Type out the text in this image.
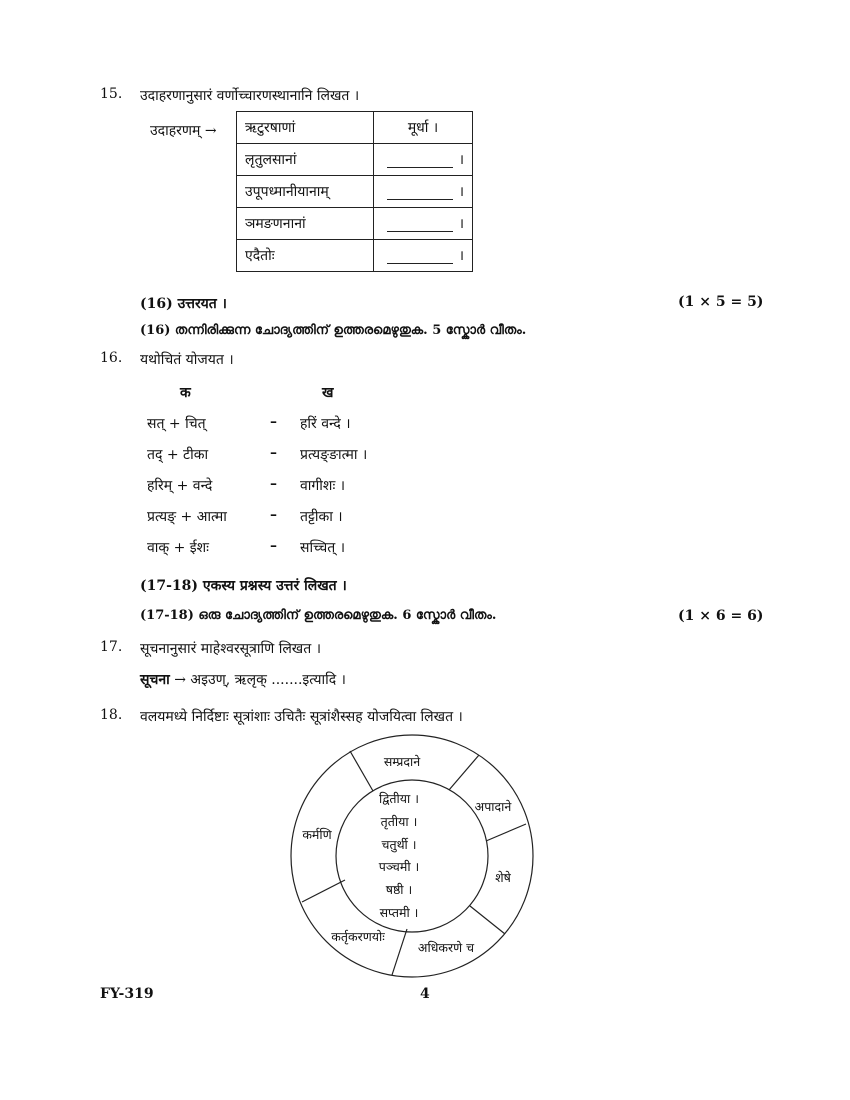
15. उदाहरणानुसारं वर्णोच्चारणस्थानानि लिखत ।
उदाहरणम् → ऋटुरषाणां	मूर्धा ।
लृतुलसानां	।
उपूपध्मानीयानाम्	।
ञमङणनानां	।
एदैतोः	।
(16) उत्तरयत ।	(1 × 5 = 5)
(16) തന്നിരിക്കുന്ന ചോദ്യത്തിന് ഉത്തരമെഴുതുക. 5 സ്കോർ വീതം.
16. यथोचितं योजयत ।
क	ख
सत् + चित्	– हरिं वन्दे ।
तद् + टीका	– प्रत्यङ्ङात्मा ।
हरिम् + वन्दे	– वागीशः ।
प्रत्यङ् + आत्मा	– तट्टीका ।
वाक् + ईशः	– सच्चित् ।
(17-18) एकस्य प्रश्नस्य उत्तरं लिखत ।
(17-18) ഒരു ചോദ്യത്തിന് ഉത്തരമെഴുതുക. 6 സ്കോർ വീതം.	(1 × 6 = 6)
17. सूचनानुसारं माहेश्वरसूत्राणि लिखत ।
सूचना → अइउण्, ऋलृक् .......इत्यादि ।
18. वलयमध्ये निर्दिष्टाः सूत्रांशाः उचितैः सूत्रांशैस्सह योजयित्वा लिखत ।
द्वितीया ।
तृतीया ।
चतुर्थी ।
पञ्चमी ।
षष्ठी ।
सप्तमी ।
सम्प्रदाने
अपादाने
शेषे
अधिकरणे च
कर्तृकरणयोः
कर्मणि
FY-319	4
